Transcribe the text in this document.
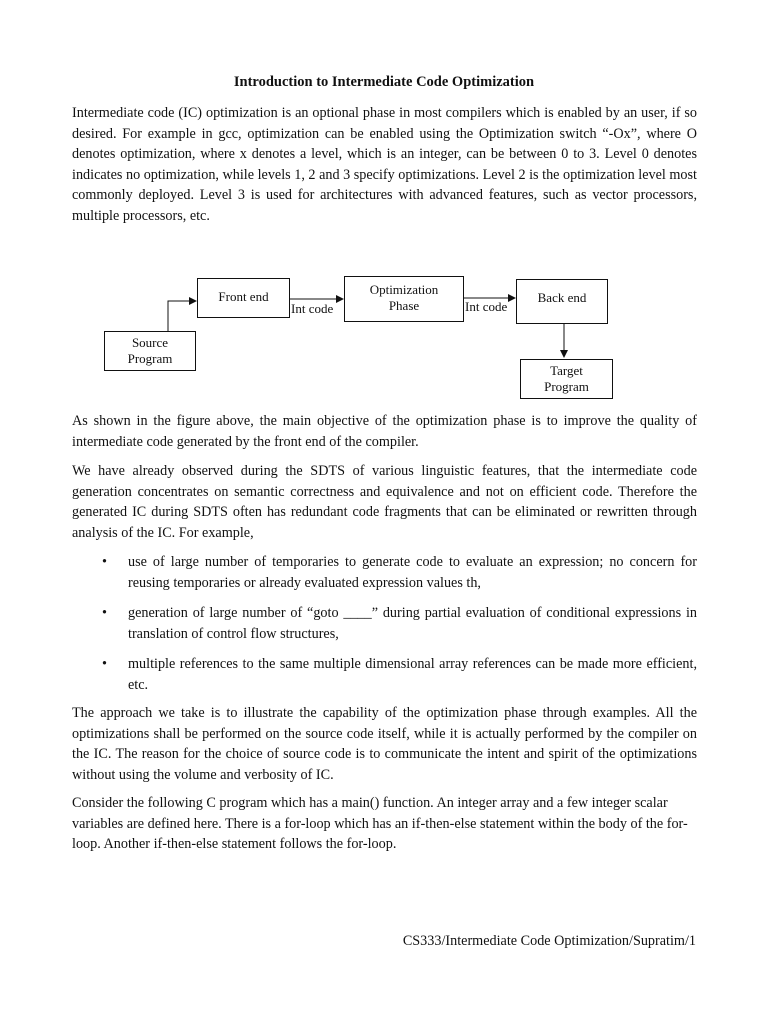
Introduction to Intermediate Code Optimization

Intermediate code (IC) optimization is an optional phase in most compilers which is enabled by an user, if so desired. For example in gcc, optimization can be enabled using the Optimization switch “-Ox”, where O denotes optimization, where x denotes a level, which is an integer, can be between 0 to 3. Level 0 denotes indicates no optimization, while levels 1, 2 and 3 specify optimizations. Level 2 is the optimization level most commonly deployed. Level 3 is used for architectures with advanced features, such as vector processors, multiple processors, etc.

Source
Program
Front end	Optimization
Phase
Back end
Target
Program
Int code	Int code

As shown in the figure above, the main objective of the optimization phase is to improve the quality of intermediate code generated by the front end of the compiler.

We have already observed during the SDTS of various linguistic features, that the intermediate code generation concentrates on semantic correctness and equivalence and not on efficient code. Therefore the generated IC during SDTS often has redundant code fragments that can be eliminated or rewritten through analysis of the IC. For example,

• use of large number of temporaries to generate code to evaluate an expression; no concern for reusing temporaries or already evaluated expression values th,
• generation of large number of “goto ____” during partial evaluation of conditional expressions in translation of control flow structures,
• multiple references to the same multiple dimensional array references can be made more efficient, etc.

The approach we take is to illustrate the capability of the optimization phase through examples. All the optimizations shall be performed on the source code itself, while it is actually performed by the compiler on the IC. The reason for the choice of source code is to communicate the intent and spirit of the optimizations without using the volume and verbosity of IC.

Consider the following C program which has a main() function. An integer array and a few integer scalar variables are defined here. There is a for-loop which has an if-then-else statement within the body of the for-loop. Another if-then-else statement follows the for-loop.

CS333/Intermediate Code Optimization/Supratim/1
